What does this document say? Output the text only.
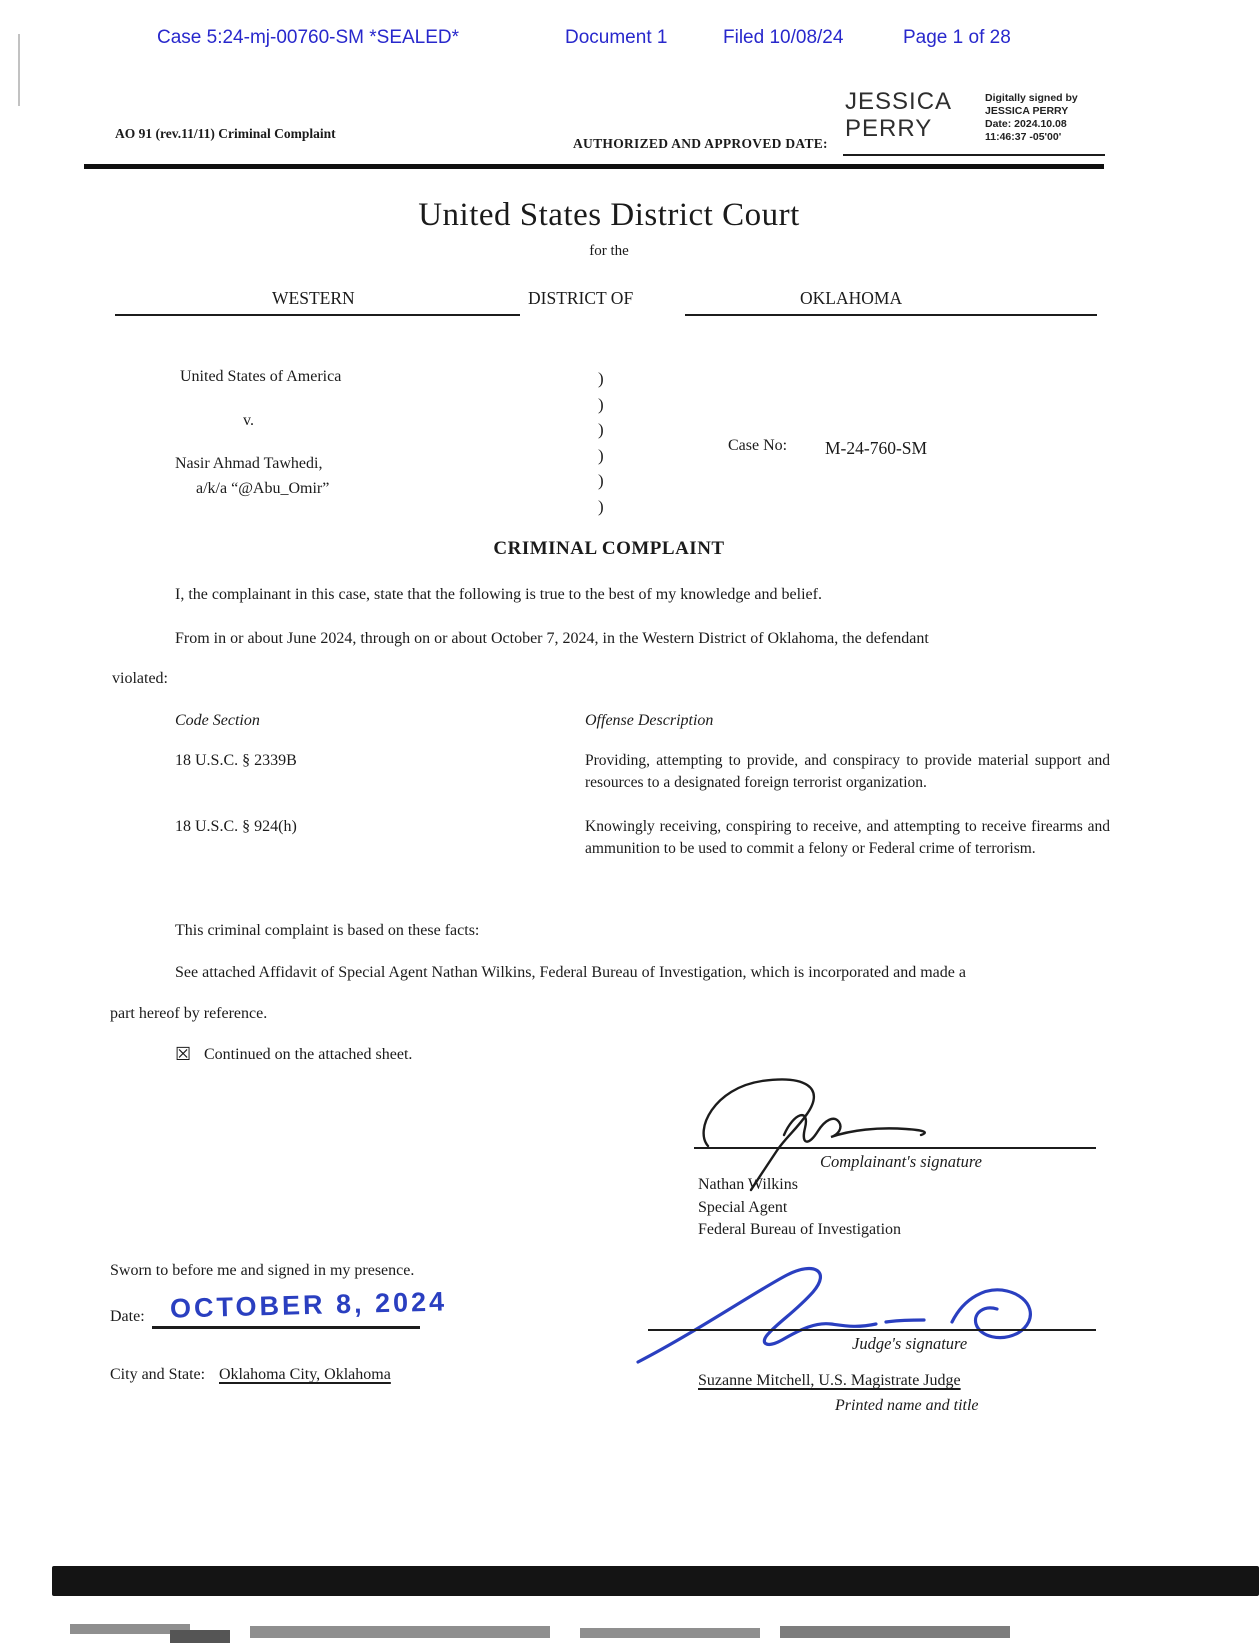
Case 5:24-mj-00760-SM *SEALED*	Document 1	Filed 10/08/24	Page 1 of 28
AO 91 (rev.11/11) Criminal Complaint
AUTHORIZED AND APPROVED DATE:
JESSICA
PERRY
Digitally signed by
JESSICA PERRY
Date: 2024.10.08
11:46:37 -05'00'
United States District Court
for the
WESTERN	DISTRICT OF	OKLAHOMA
United States of America
v.
Nasir Ahmad Tawhedi,
a/k/a “@Abu_Omir”
)
)
)
)
)
)
Case No: M-24-760-SM
CRIMINAL COMPLAINT
I, the complainant in this case, state that the following is true to the best of my knowledge and belief.
From in or about June 2024, through on or about October 7, 2024, in the Western District of Oklahoma, the defendant
violated:
Code Section	Offense Description
18 U.S.C. § 2339B	Providing, attempting to provide, and conspiracy to provide material support and resources to a designated foreign terrorist organization.
18 U.S.C. § 924(h)	Knowingly receiving, conspiring to receive, and attempting to receive firearms and ammunition to be used to commit a felony or Federal crime of terrorism.
This criminal complaint is based on these facts:
See attached Affidavit of Special Agent Nathan Wilkins, Federal Bureau of Investigation, which is incorporated and made a
part hereof by reference.
☒ Continued on the attached sheet.
Complainant's signature
Nathan Wilkins
Special Agent
Federal Bureau of Investigation
Sworn to before me and signed in my presence.
Date: OCTOBER 8, 2024
City and State: Oklahoma City, Oklahoma
Judge's signature
Suzanne Mitchell, U.S. Magistrate Judge
Printed name and title
